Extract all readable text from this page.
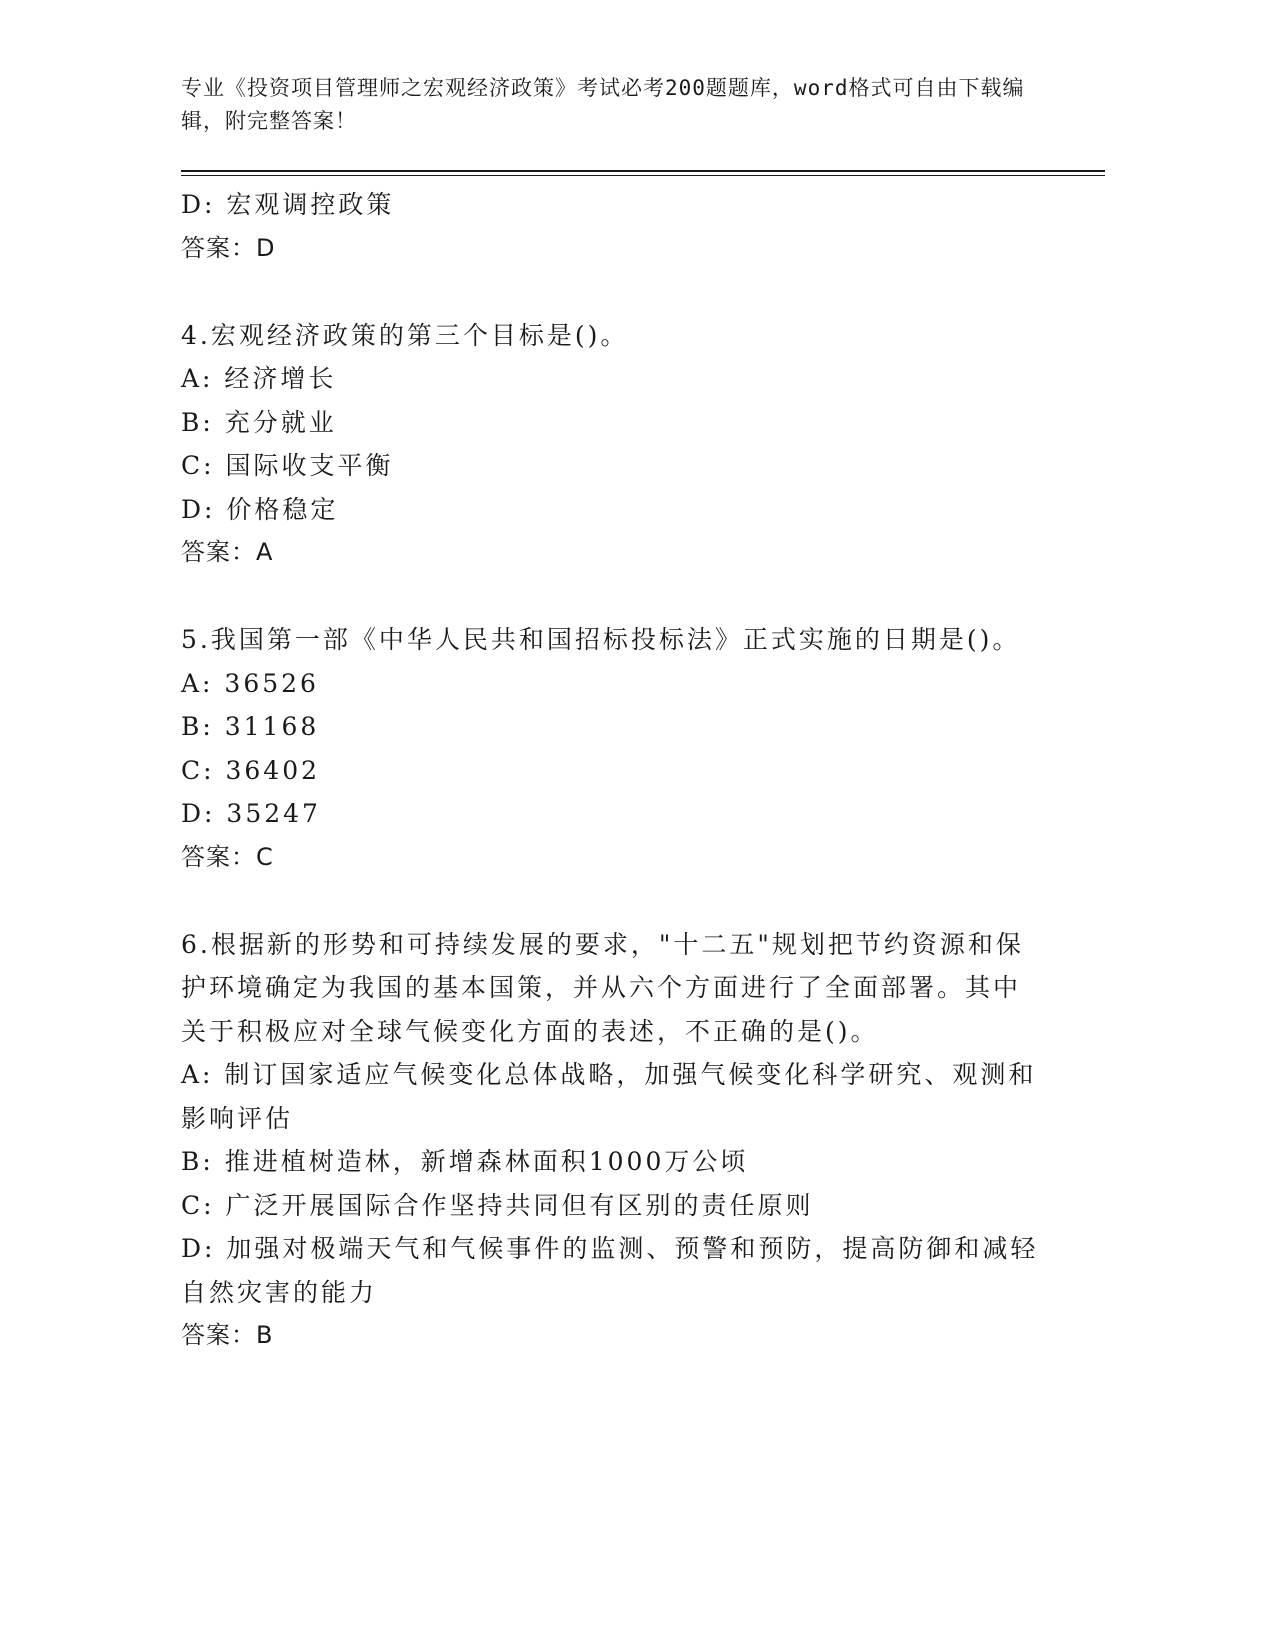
专业《投资项目管理师之宏观经济政策》考试必考200题题库，word格式可自由下载编辑，附完整答案！
D: 宏观调控政策
答案：D
4.宏观经济政策的第三个目标是()。
A: 经济增长
B: 充分就业
C: 国际收支平衡
D: 价格稳定
答案：A
5.我国第一部《中华人民共和国招标投标法》正式实施的日期是()。
A: 36526
B: 31168
C: 36402
D: 35247
答案：C
6.根据新的形势和可持续发展的要求，"十二五"规划把节约资源和保护环境确定为我国的基本国策，并从六个方面进行了全面部署。其中关于积极应对全球气候变化方面的表述，不正确的是()。
A: 制订国家适应气候变化总体战略，加强气候变化科学研究、观测和影响评估
B: 推进植树造林，新增森林面积1000万公顷
C: 广泛开展国际合作坚持共同但有区别的责任原则
D: 加强对极端天气和气候事件的监测、预警和预防，提高防御和减轻自然灾害的能力
答案：B
